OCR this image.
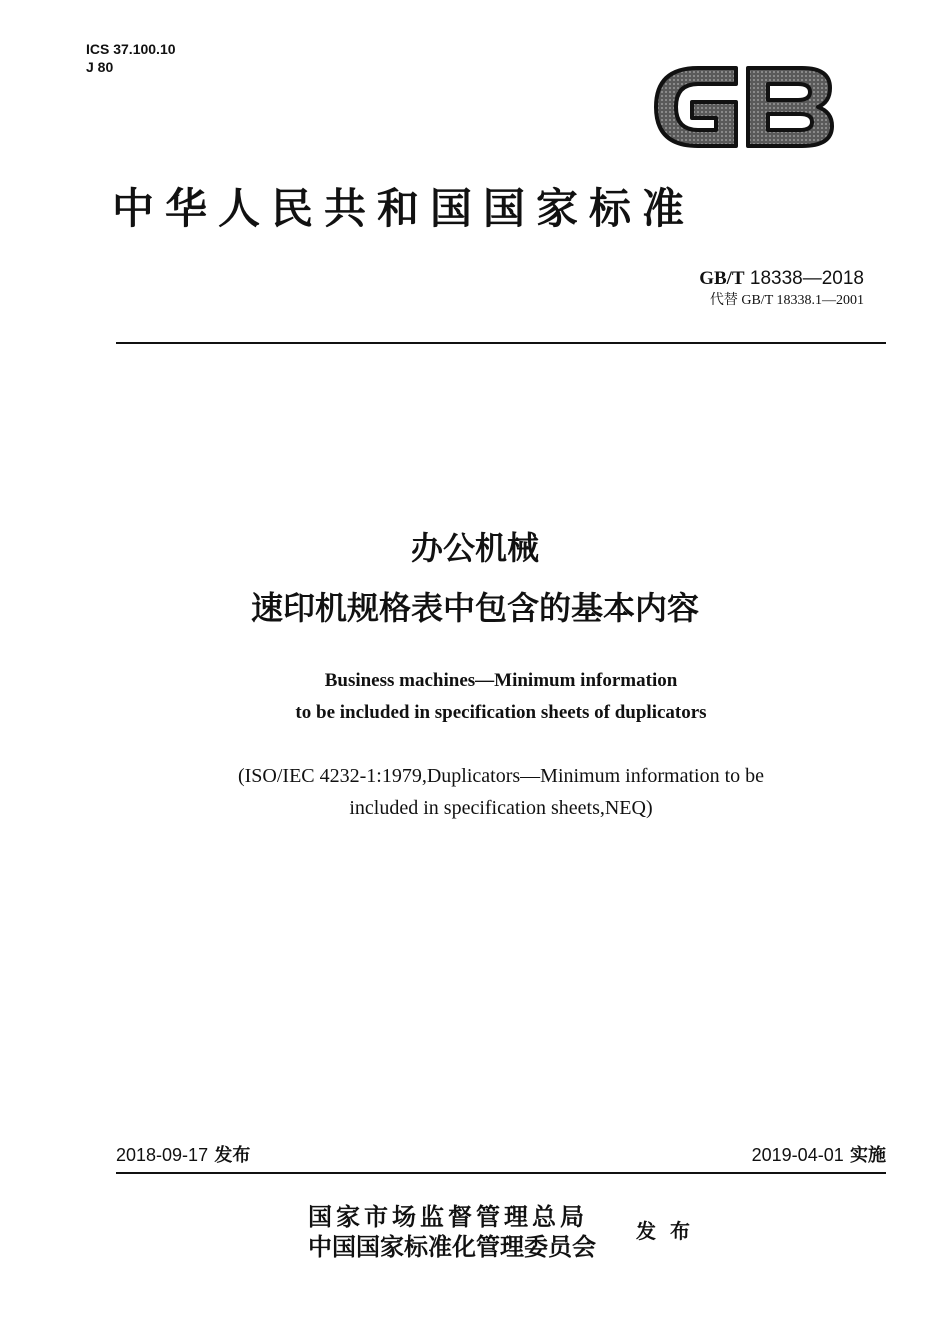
ICS 37.100.10
J 80
GB
中华人民共和国国家标准
GB/T 18338—2018
代替 GB/T 18338.1—2001
办公机械
速印机规格表中包含的基本内容
Business machines—Minimum information
to be included in specification sheets of duplicators
(ISO/IEC 4232-1:1979,Duplicators—Minimum information to be
included in specification sheets,NEQ)
2018-09-17 发布	2019-04-01 实施
国家市场监督管理总局
中国国家标准化管理委员会
发布
